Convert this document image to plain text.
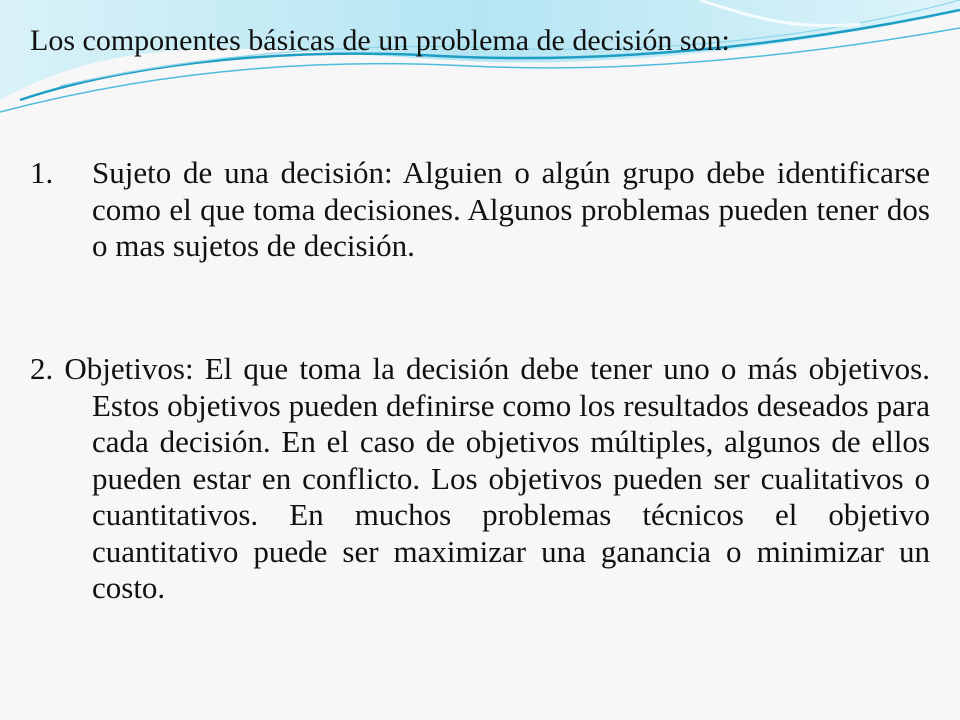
Los componentes básicas de un problema de decisión son:

1.	Sujeto de una decisión: Alguien o algún grupo debe identificarse como el que toma decisiones. Algunos problemas pueden tener dos o mas sujetos de decisión.
2. Objetivos: El que toma la decisión debe tener uno o más objetivos. Estos objetivos pueden definirse como los resultados deseados para cada decisión. En el caso de objetivos múltiples, algunos de ellos pueden estar en conflicto. Los objetivos pueden ser cualitativos o cuantitativos. En muchos problemas técnicos el objetivo cuantitativo puede ser maximizar una ganancia o minimizar un costo.
